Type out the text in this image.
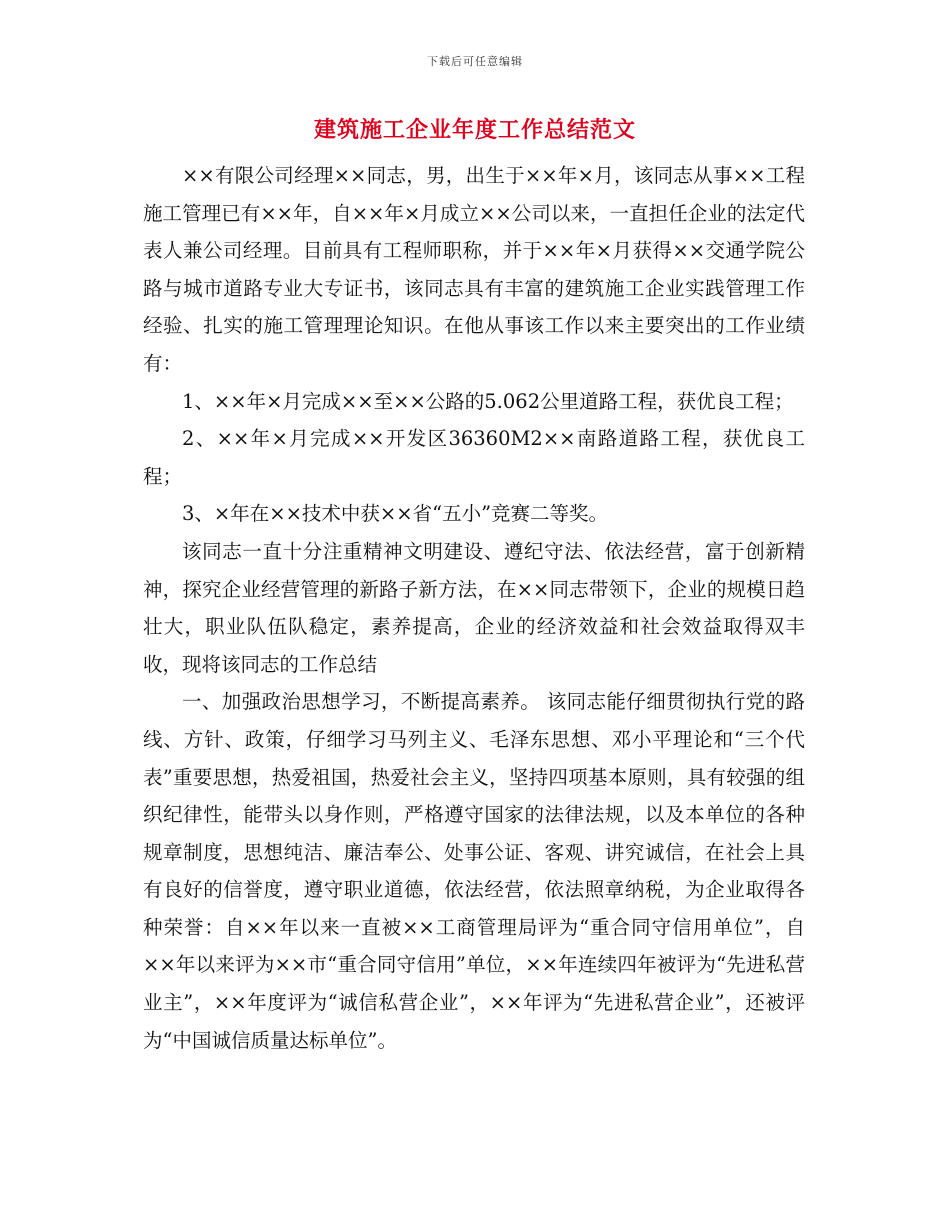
下载后可任意编辑
建筑施工企业年度工作总结范文

××有限公司经理××同志，男，出生于××年×月，该同志从事××工程施工管理已有××年，自××年×月成立××公司以来，一直担任企业的法定代表人兼公司经理。目前具有工程师职称，并于××年×月获得××交通学院公路与城市道路专业大专证书，该同志具有丰富的建筑施工企业实践管理工作经验、扎实的施工管理理论知识。在他从事该工作以来主要突出的工作业绩有：

1、××年×月完成××至××公路的5.062公里道路工程，获优良工程；

2、××年×月完成××开发区36360M2××南路道路工程，获优良工程；

3、×年在××技术中获××省“五小”竞赛二等奖。

该同志一直十分注重精神文明建设、遵纪守法、依法经营，富于创新精神，探究企业经营管理的新路子新方法，在××同志带领下，企业的规模日趋壮大，职业队伍队稳定，素养提高，企业的经济效益和社会效益取得双丰收，现将该同志的工作总结

一、加强政治思想学习，不断提高素养。 该同志能仔细贯彻执行党的路线、方针、政策，仔细学习马列主义、毛泽东思想、邓小平理论和“三个代表”重要思想，热爱祖国，热爱社会主义，坚持四项基本原则，具有较强的组织纪律性，能带头以身作则，严格遵守国家的法律法规，以及本单位的各种规章制度，思想纯洁、廉洁奉公、处事公证、客观、讲究诚信，在社会上具有良好的信誉度，遵守职业道德，依法经营，依法照章纳税，为企业取得各种荣誉：自××年以来一直被××工商管理局评为“重合同守信用单位”，自××年以来评为××市“重合同守信用”单位，××年连续四年被评为“先进私营业主”，××年度评为“诚信私营企业”，××年评为“先进私营企业”，还被评为“中国诚信质量达标单位”。
